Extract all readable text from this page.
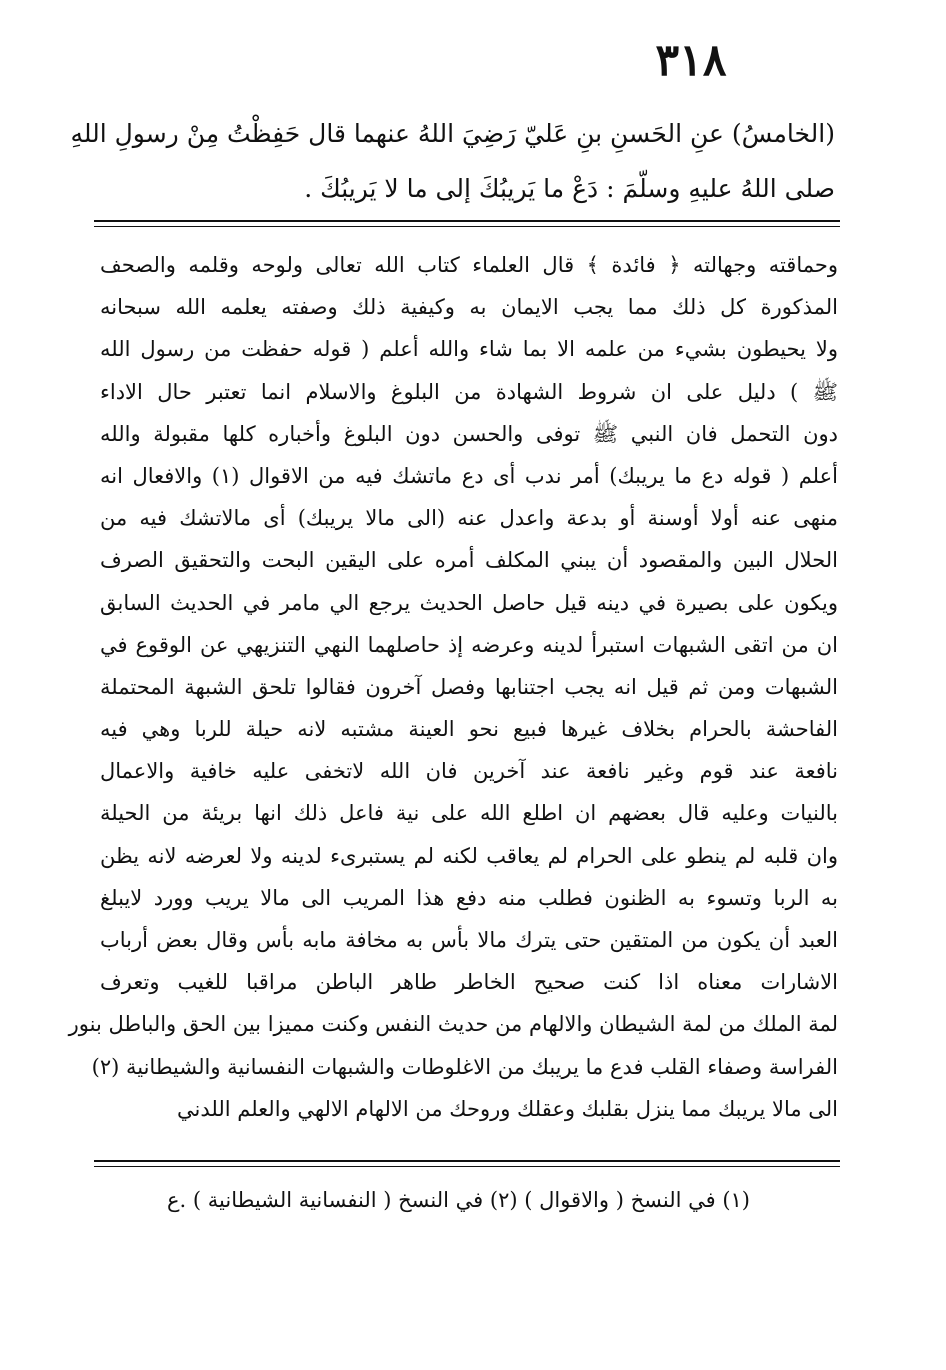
٣١٨
(الخامسُ) عنِ الحَسنِ بنِ عَليّ رَضِيَ اللهُ عنهما قال حَفِظْتُ مِنْ رسولِ اللهِ
صلى اللهُ عليهِ وسلّمَ : دَعْ ما يَريبُكَ إلى ما لا يَريبُكَ .
وحماقته وجهالته ﴿ فائدة ﴾ قال العلماء كتاب الله تعالى ولوحه وقلمه والصحف
المذكورة كل ذلك مما يجب الايمان به وكيفية ذلك وصفته يعلمه الله سبحانه
ولا يحيطون بشيء من علمه الا بما شاء والله أعلم ( قوله حفظت من رسول الله
ﷺ ) دليل على ان شروط الشهادة من البلوغ والاسلام انما تعتبر حال الاداء
دون التحمل فان النبي ﷺ توفى والحسن دون البلوغ وأخباره كلها مقبولة والله
أعلم ( قوله دع ما يريبك) أمر ندب أى دع ماتشك فيه من الاقوال (١) والافعال انه
منهى عنه أولا أوسنة أو بدعة واعدل عنه (الى مالا يريبك) أى مالاتشك فيه من
الحلال البين والمقصود أن يبني المكلف أمره على اليقين البحت والتحقيق الصرف
ويكون على بصيرة في دينه قيل حاصل الحديث يرجع الي مامر في الحديث السابق
ان من اتقى الشبهات استبرأ لدينه وعرضه إذ حاصلهما النهي التنزيهي عن الوقوع في
الشبهات ومن ثم قيل انه يجب اجتنابها وفصل آخرون فقالوا تلحق الشبهة المحتملة
الفاحشة بالحرام بخلاف غيرها فبيع نحو العينة مشتبه لانه حيلة للربا وهي فيه
نافعة عند قوم وغير نافعة عند آخرين فان الله لاتخفى عليه خافية والاعمال
بالنيات وعليه قال بعضهم ان اطلع الله على نية فاعل ذلك انها بريئة من الحيلة
وان قلبه لم ينطو على الحرام لم يعاقب لكنه لم يستبرىء لدينه ولا لعرضه لانه يظن
به الربا وتسوء به الظنون فطلب منه دفع هذا المريب الى مالا يريب وورد لايبلغ
العبد أن يكون من المتقين حتى يترك مالا بأس به مخافة مابه بأس وقال بعض أرباب
الاشارات معناه اذا كنت صحيح الخاطر طاهر الباطن مراقبا للغيب وتعرف
لمة الملك من لمة الشيطان والالهام من حديث النفس وكنت مميزا بين الحق والباطل بنور
الفراسة وصفاء القلب فدع ما يريبك من الاغلوطات والشبهات النفسانية والشيطانية (٢)
الى مالا يريبك مما ينزل بقلبك وعقلك وروحك من الالهام الالهي والعلم اللدني
(١) في النسخ ( والاقوال ) (٢) في النسخ ( النفسانية الشيطانية ) .ع
